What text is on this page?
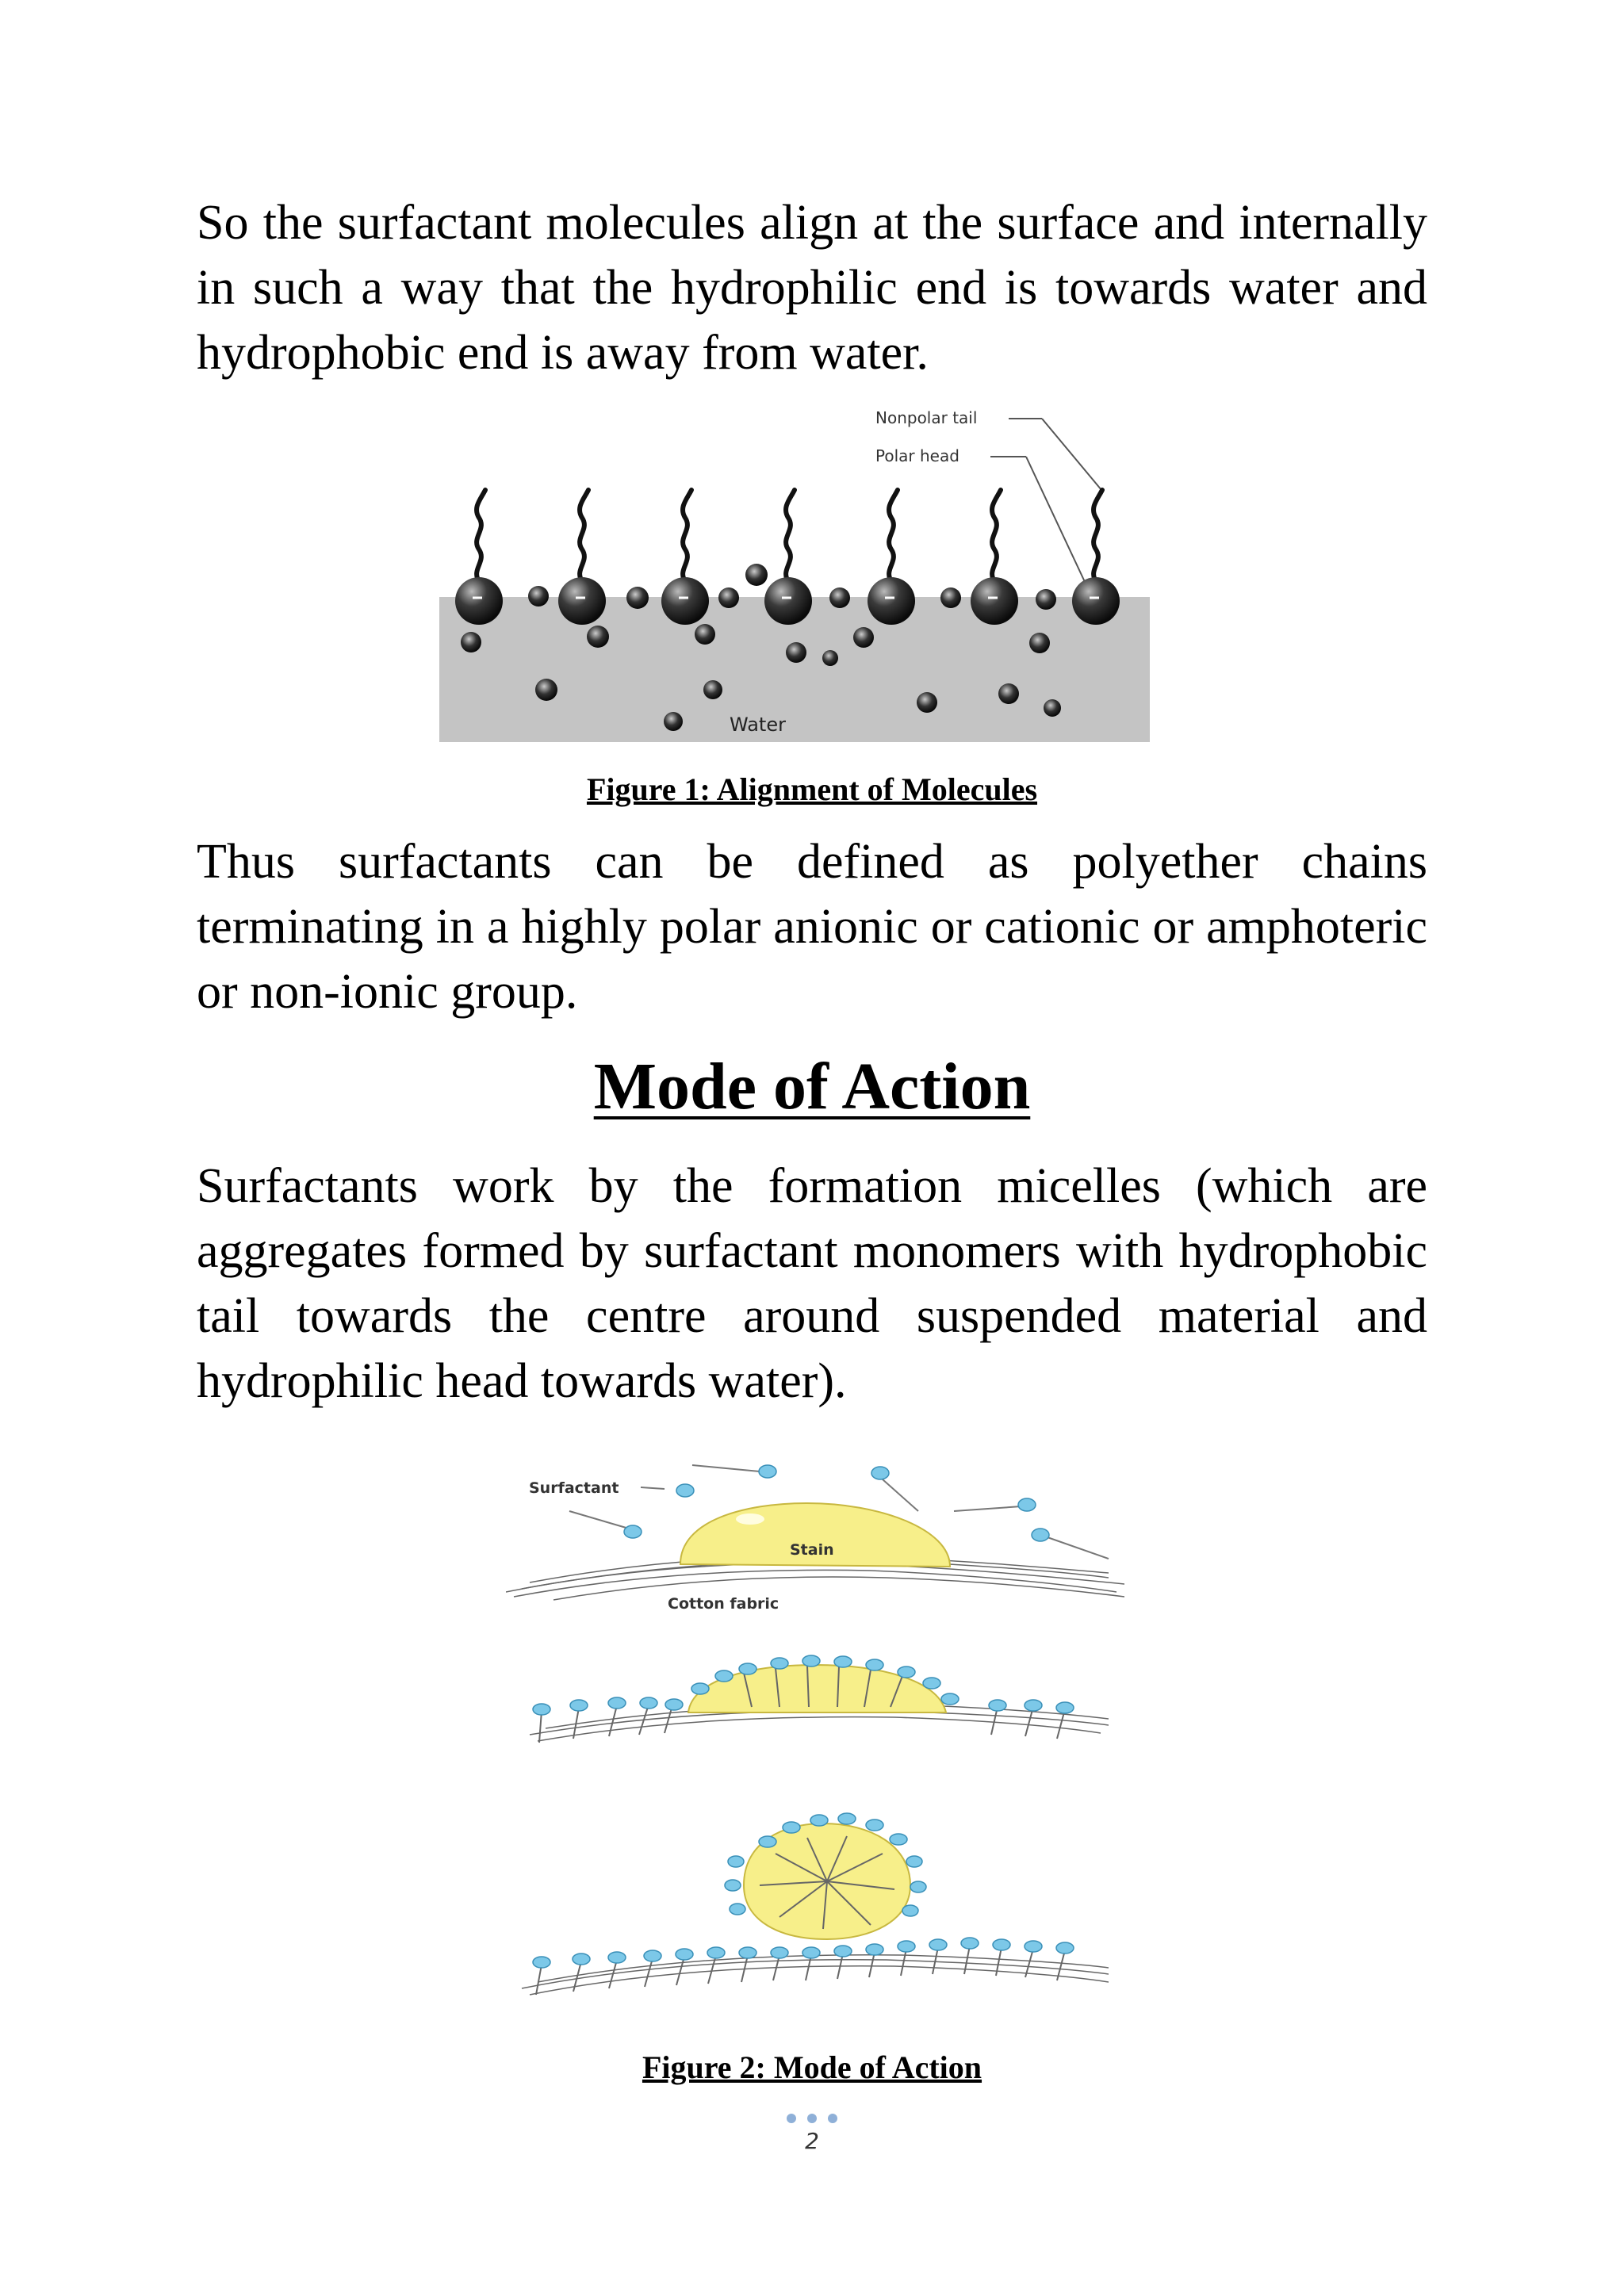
So the surfactant molecules align at the surface and internally in such a way that the hydrophilic end is towards water and hydrophobic end is away from water.

Nonpolar tail
Polar head
Water

Figure 1: Alignment of Molecules

Thus surfactants can be defined as polyether chains terminating in a highly polar anionic or cationic or amphoteric or non-ionic group.

Mode of Action

Surfactants work by the formation micelles (which are aggregates formed by surfactant monomers with hydrophobic tail towards the centre around suspended material and hydrophilic head towards water).

Surfactant
Stain
Cotton fabric

Figure 2: Mode of Action

2
